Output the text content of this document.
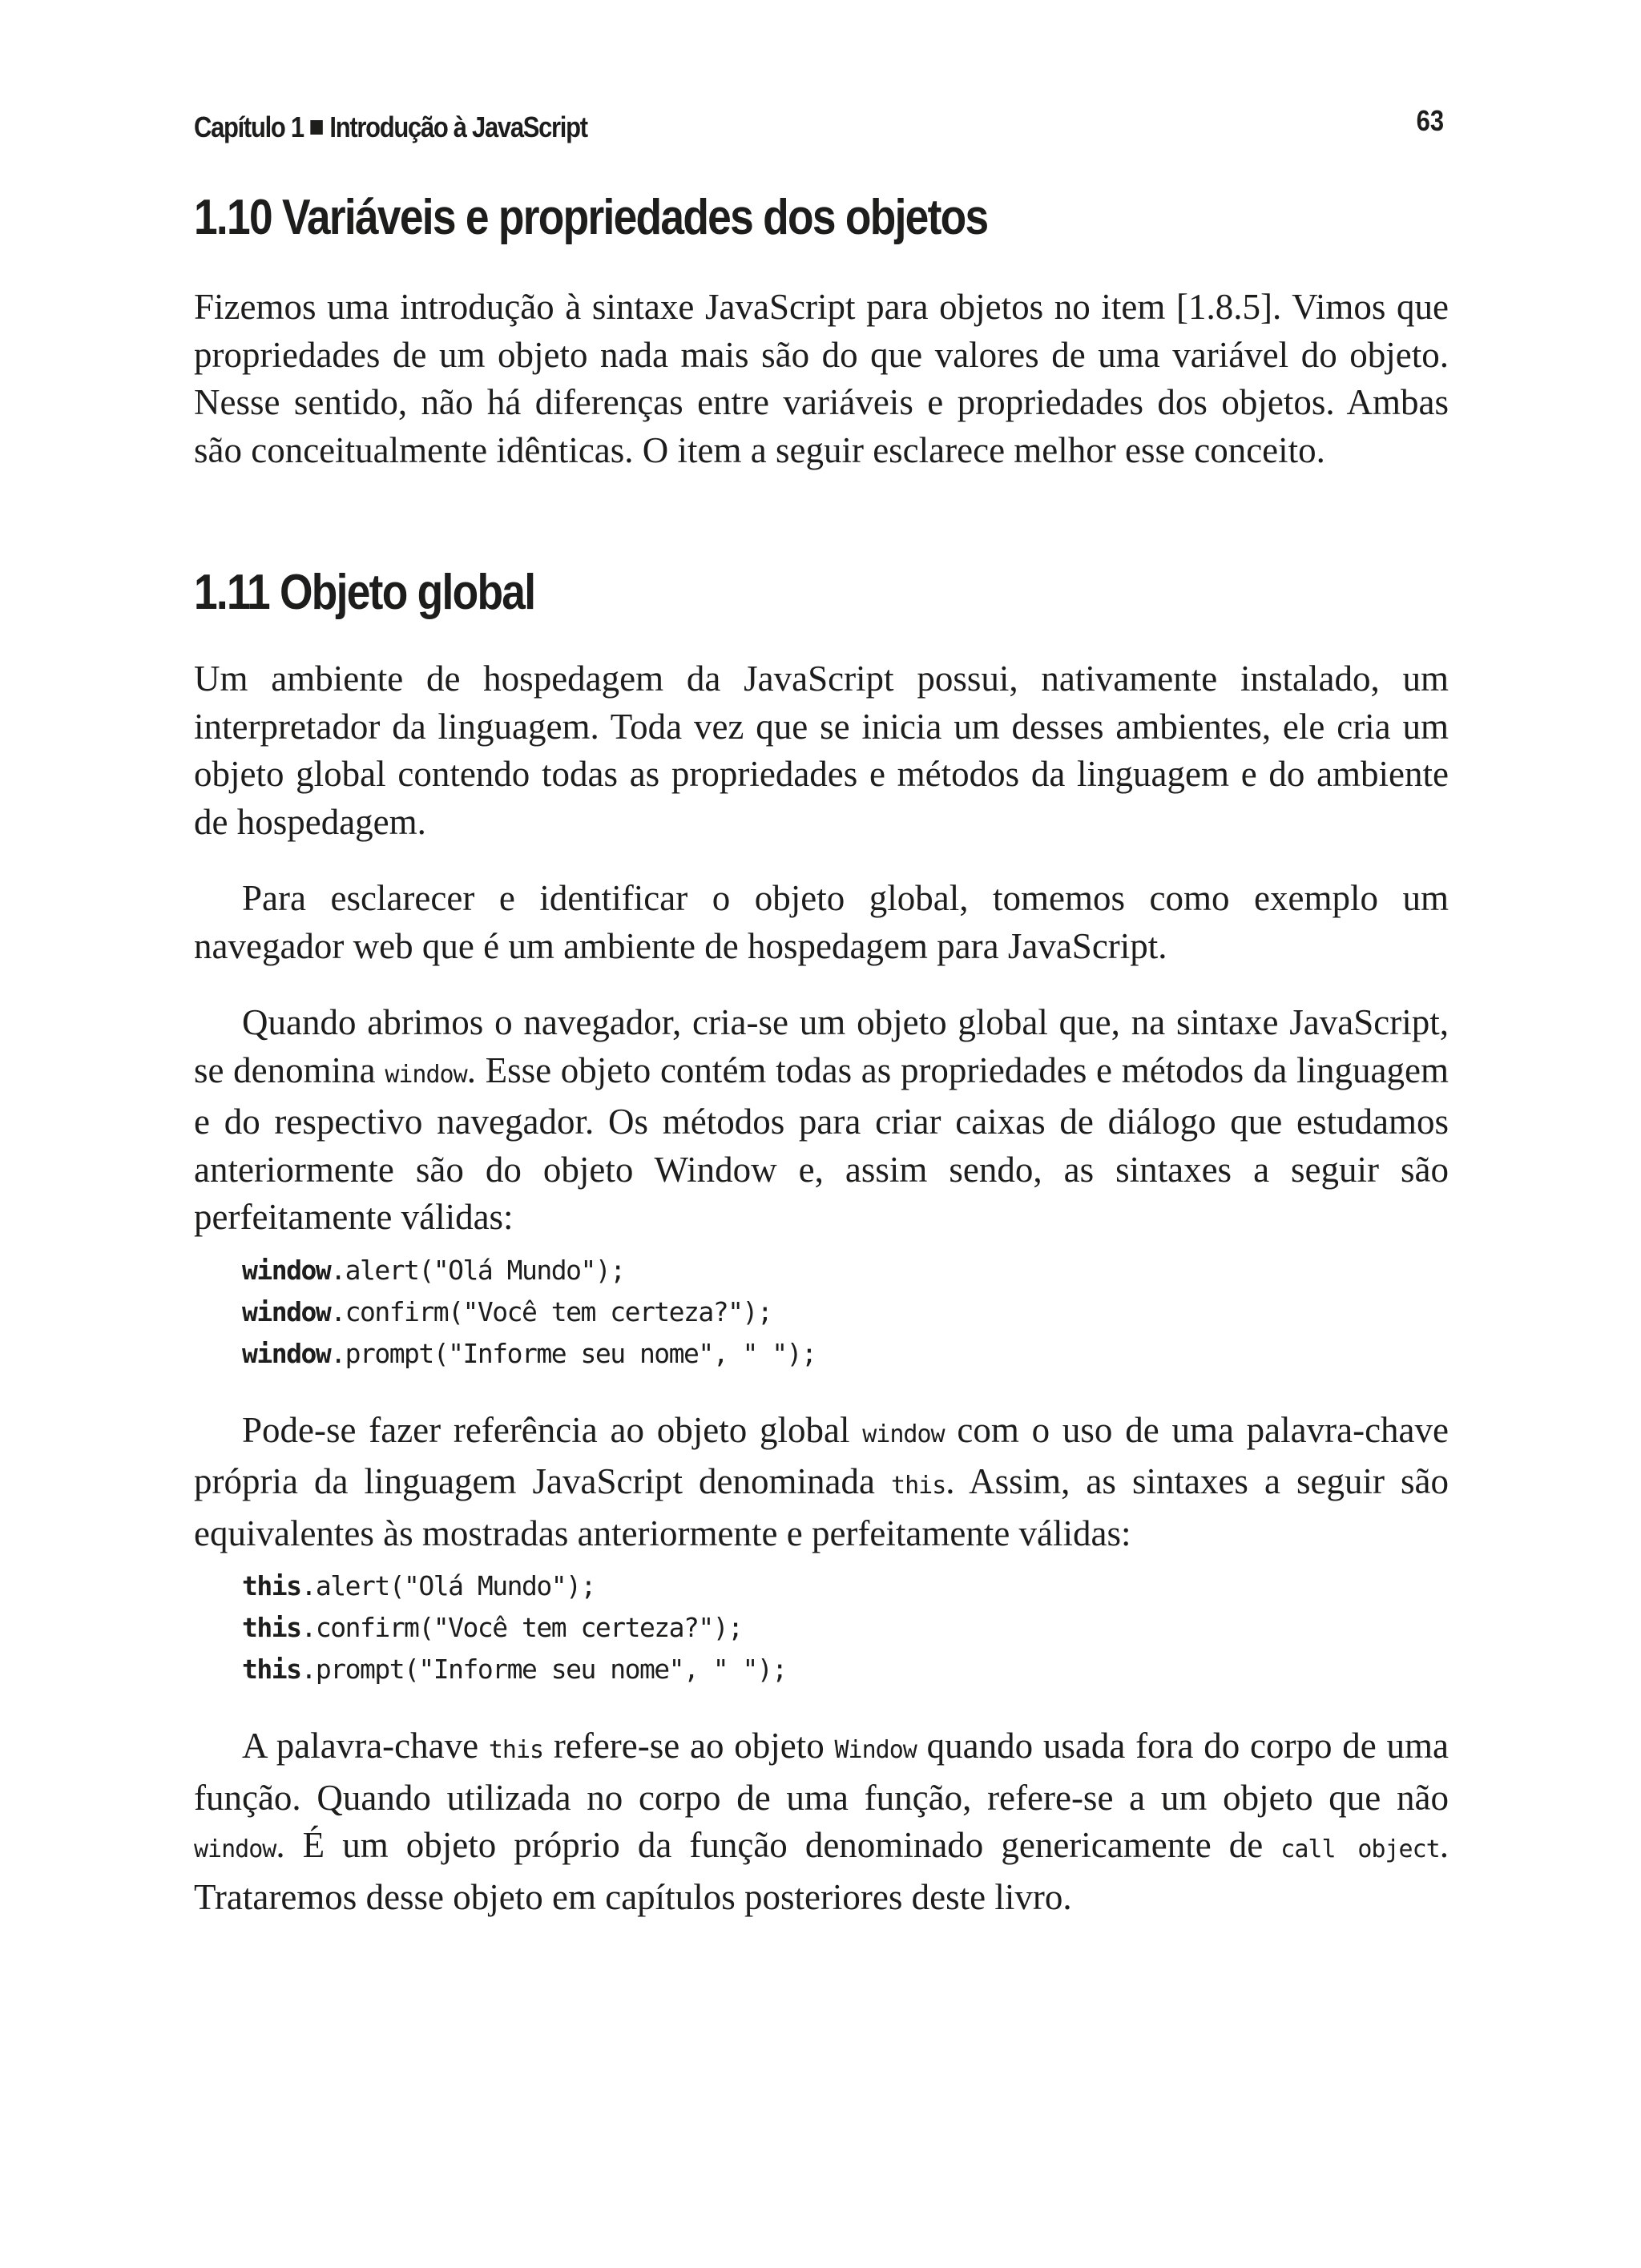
Capítulo 1 Introdução à JavaScript	63
1.10 Variáveis e propriedades dos objetos

Fizemos uma introdução à sintaxe JavaScript para objetos no item [1.8.5]. Vimos que propriedades de um objeto nada mais são do que valores de uma variável do objeto. Nesse sentido, não há diferenças entre variáveis e propriedades dos objetos. Ambas são conceitualmente idênticas. O item a seguir esclarece melhor esse conceito.

1.11 Objeto global

Um ambiente de hospedagem da JavaScript possui, nativamente instalado, um interpretador da linguagem. Toda vez que se inicia um desses ambientes, ele cria um objeto global contendo todas as propriedades e métodos da linguagem e do ambiente de hospedagem.

Para esclarecer e identificar o objeto global, tomemos como exemplo um navegador web que é um ambiente de hospedagem para JavaScript.

Quando abrimos o navegador, cria-se um objeto global que, na sintaxe JavaScript, se denomina window. Esse objeto contém todas as propriedades e métodos da linguagem e do respectivo navegador. Os métodos para criar caixas de diálogo que estudamos anteriormente são do objeto Window e, assim sendo, as sintaxes a seguir são perfeitamente válidas:

window.alert("Olá Mundo");
window.confirm("Você tem certeza?");
window.prompt("Informe seu nome", " ");

Pode-se fazer referência ao objeto global window com o uso de uma palavra-chave própria da linguagem JavaScript denominada this. Assim, as sintaxes a seguir são equivalentes às mostradas anteriormente e perfeitamente válidas:

this.alert("Olá Mundo");
this.confirm("Você tem certeza?");
this.prompt("Informe seu nome", " ");

A palavra-chave this refere-se ao objeto Window quando usada fora do corpo de uma função. Quando utilizada no corpo de uma função, refere-se a um objeto que não window. É um objeto próprio da função denominado genericamente de call object. Trataremos desse objeto em capítulos posteriores deste livro.
